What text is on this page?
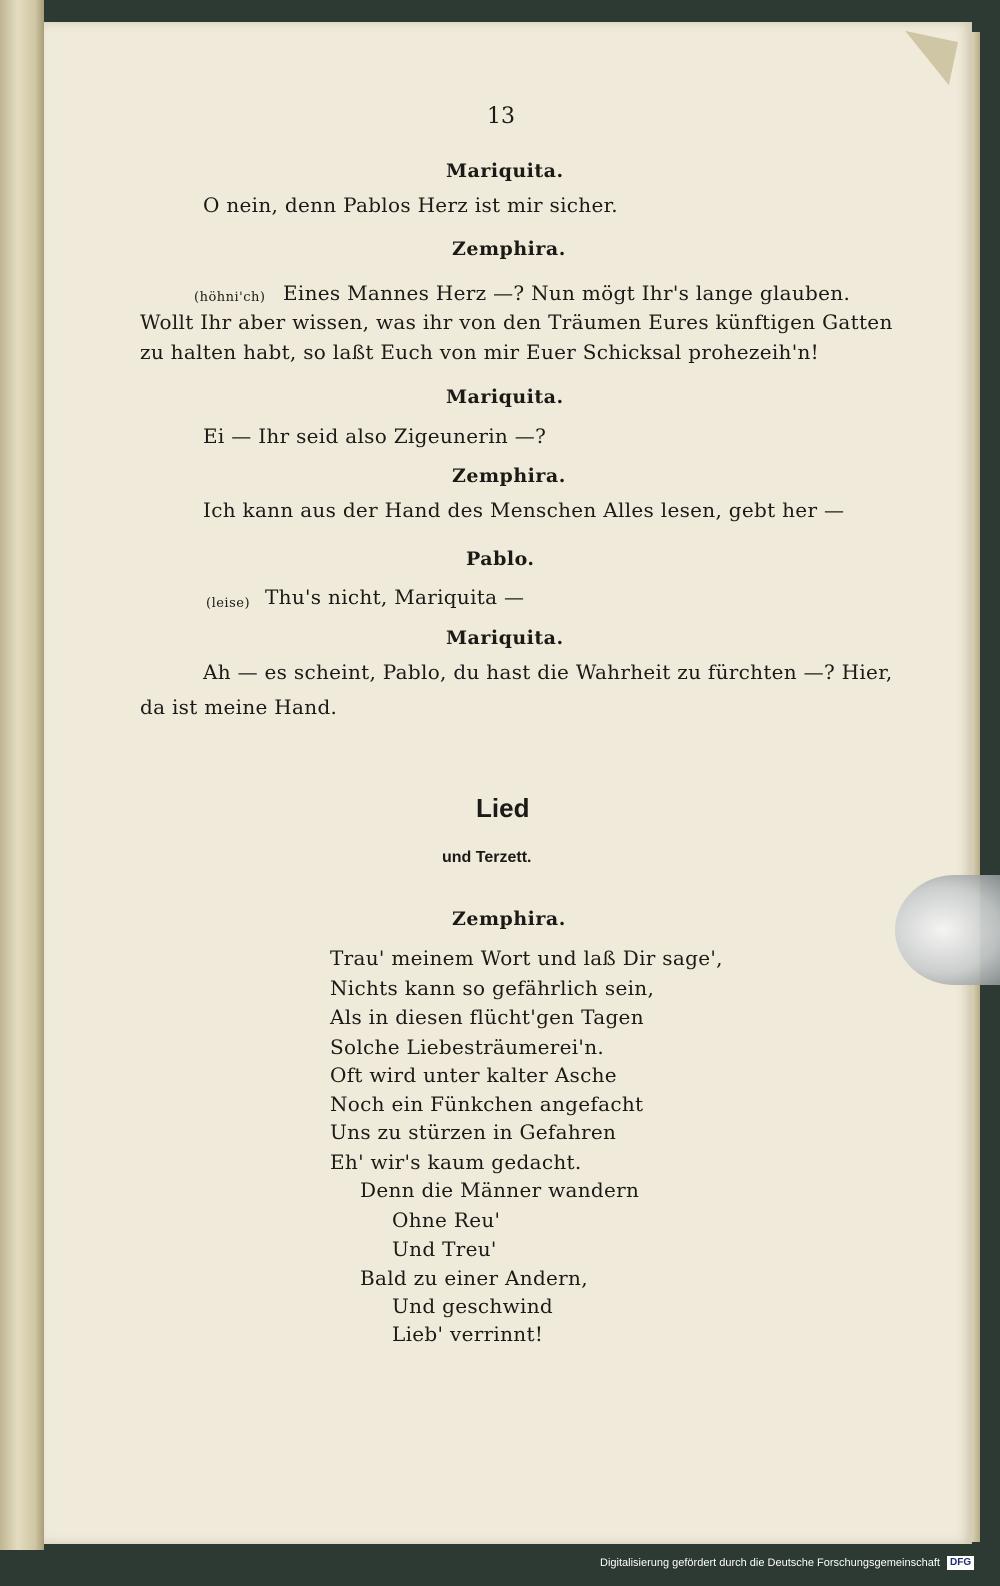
13
Mariquita.
O nein, denn Pablos Herz ist mir sicher.
Zemphira.
(höhni'ch) Eines Mannes Herz —? Nun mögt Ihr's lange glauben.
Wollt Ihr aber wissen, was ihr von den Träumen Eures künftigen Gatten
zu halten habt, so laßt Euch von mir Euer Schicksal prohezeih'n!
Mariquita.
Ei — Ihr seid also Zigeunerin —?
Zemphira.
Ich kann aus der Hand des Menschen Alles lesen, gebt her —
Pablo.
(leise) Thu's nicht, Mariquita —
Mariquita.
Ah — es scheint, Pablo, du hast die Wahrheit zu fürchten —? Hier,
da ist meine Hand.
Lied
und Terzett.
Zemphira.
Trau' meinem Wort und laß Dir sage',
Nichts kann so gefährlich sein,
Als in diesen flücht'gen Tagen
Solche Liebesträumerei'n.
Oft wird unter kalter Asche
Noch ein Fünkchen angefacht
Uns zu stürzen in Gefahren
Eh' wir's kaum gedacht.
Denn die Männer wandern
Ohne Reu'
Und Treu'
Bald zu einer Andern,
Und geschwind
Lieb' verrinnt!
Digitalisierung gefördert durch die Deutsche Forschungsgemeinschaft DFG
